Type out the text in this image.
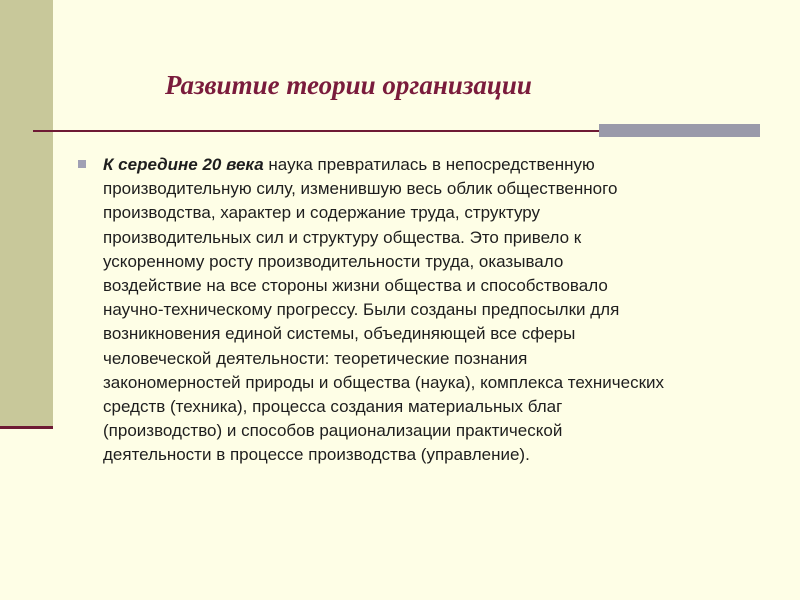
Развитие теории организации

К середине 20 века наука превратилась в непосредственную
производительную силу, изменившую весь облик общественного
производства, характер и содержание труда, структуру
производительных сил и структуру общества. Это привело к
ускоренному росту производительности труда, оказывало
воздействие на все стороны жизни общества и способствовало
научно-техническому прогрессу. Были созданы предпосылки для
возникновения единой системы, объединяющей все сферы
человеческой деятельности: теоретические познания
закономерностей природы и общества (наука), комплекса технических
средств (техника), процесса создания материальных благ
(производство) и способов рационализации практической
деятельности в процессе производства (управление).
